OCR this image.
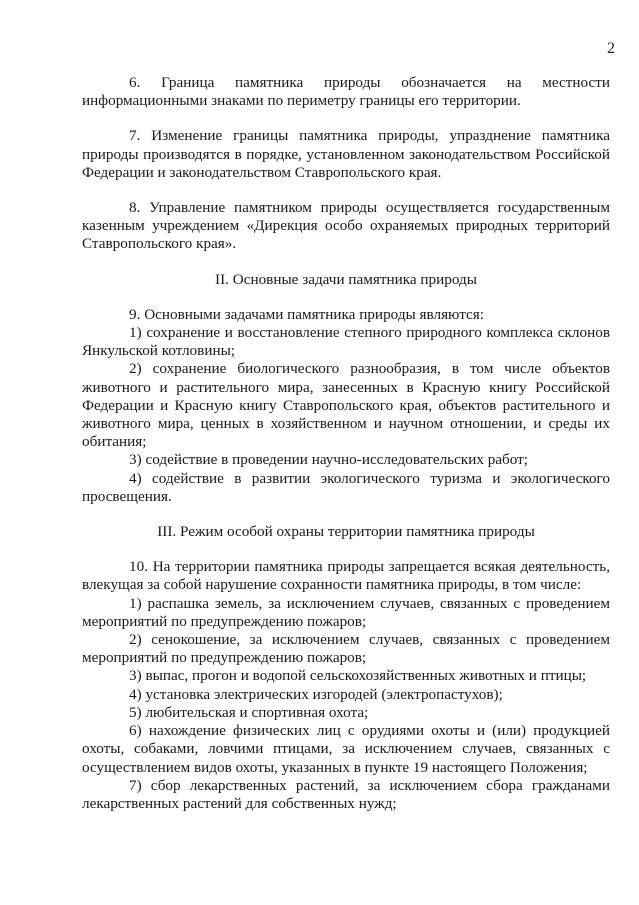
2

6. Граница памятника природы обозначается на местности информационными знаками по периметру границы его территории.

7. Изменение границы памятника природы, упразднение памятника природы производятся в порядке, установленном законодательством Российской Федерации и законодательством Ставропольского края.

8. Управление памятником природы осуществляется государственным казенным учреждением «Дирекция особо охраняемых природных территорий Ставропольского края».

II. Основные задачи памятника природы

9. Основными задачами памятника природы являются:

1) сохранение и восстановление степного природного комплекса склонов Янкульской котловины;

2) сохранение биологического разнообразия, в том числе объектов животного и растительного мира, занесенных в Красную книгу Российской Федерации и Красную книгу Ставропольского края, объектов растительного и животного мира, ценных в хозяйственном и научном отношении, и среды их обитания;

3) содействие в проведении научно-исследовательских работ;

4) содействие в развитии экологического туризма и экологического просвещения.

III. Режим особой охраны территории памятника природы

10. На территории памятника природы запрещается всякая деятельность, влекущая за собой нарушение сохранности памятника природы, в том числе:

1) распашка земель, за исключением случаев, связанных с проведением мероприятий по предупреждению пожаров;

2) сенокошение, за исключением случаев, связанных с проведением мероприятий по предупреждению пожаров;

3) выпас, прогон и водопой сельскохозяйственных животных и птицы;

4) установка электрических изгородей (электропастухов);

5) любительская и спортивная охота;

6) нахождение физических лиц с орудиями охоты и (или) продукцией охоты, собаками, ловчими птицами, за исключением случаев, связанных с осуществлением видов охоты, указанных в пункте 19 настоящего Положения;

7) сбор лекарственных растений, за исключением сбора гражданами лекарственных растений для собственных нужд;
